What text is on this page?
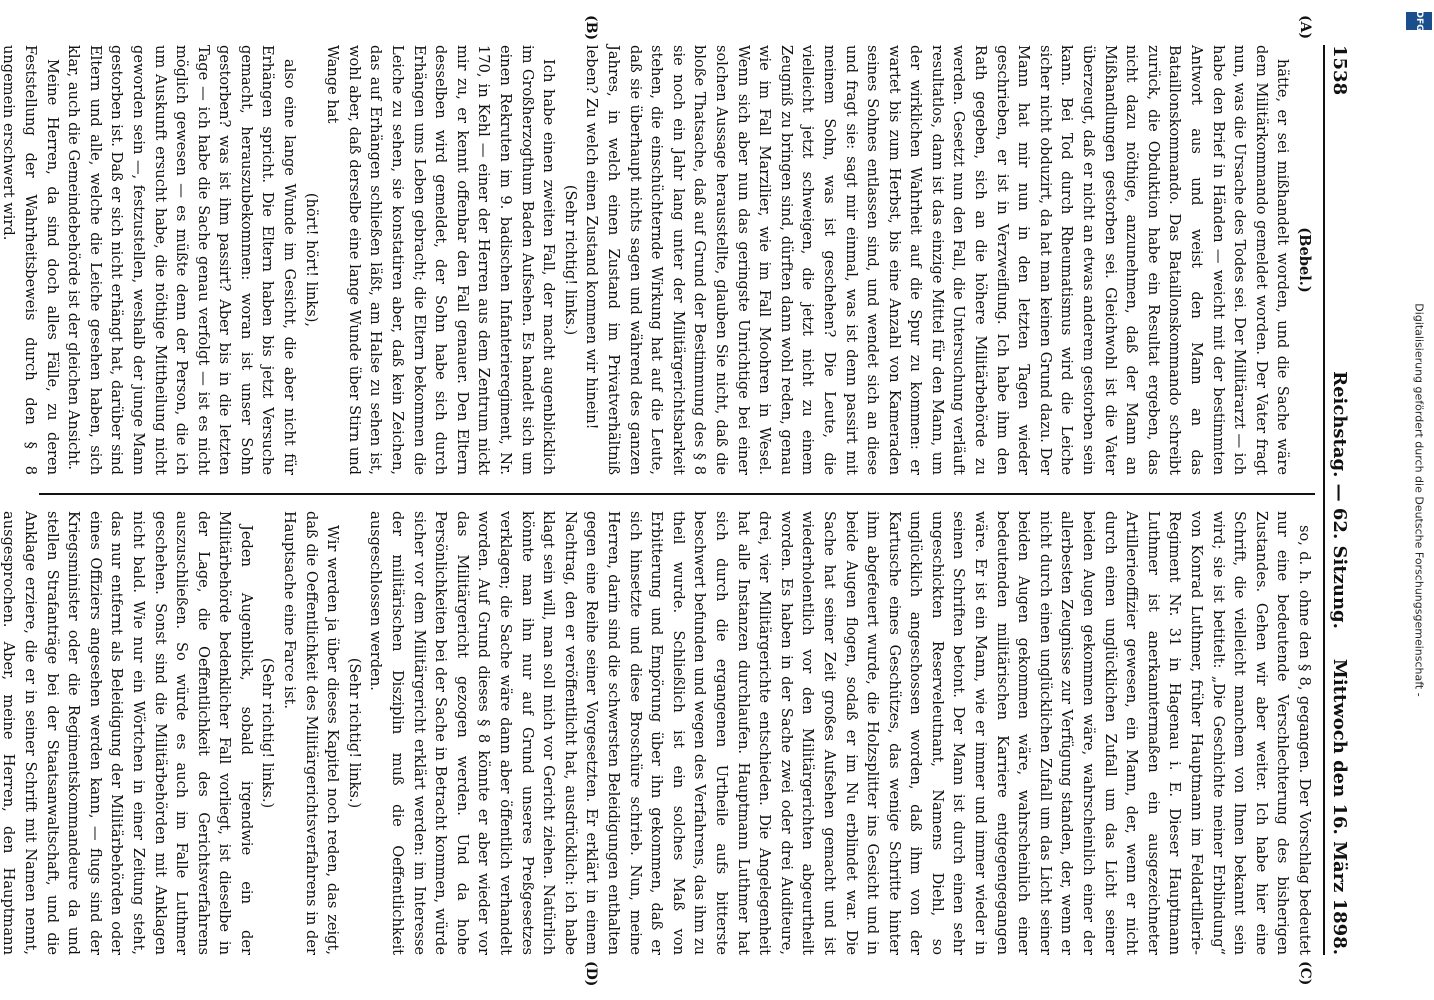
1538
Reichstag. — 62. Sitzung.
Mittwoch den 16. März 1898.
(A)
(B)
(C)
(D)

(Bebel.)

hätte, er sei mißhandelt worden, und die Sache wäre dem Militärkommando gemeldet worden. Der Vater fragt nun, was die Ursache des Todes sei. Der Militärarzt — ich habe den Brief in Händen — weicht mit der bestimmten Antwort aus und weist den Mann an das Bataillonskommando. Das Bataillonskommando schreibt zurück, die Obduktion habe ein Resultat ergeben, das nicht dazu nöthige, anzunehmen, daß der Mann an Mißhandlungen gestorben sei. Gleichwohl ist die Vater überzeugt, daß er nicht an etwas anderem gestorben sein kann. Bei Tod durch Rheumatismus wird die Leiche sicher nicht obduzirt, da hat man keinen Grund dazu. Der Mann hat mir nun in den letzten Tagen wieder geschrieben, er ist in Verzweiflung. Ich habe ihm den Rath gegeben, sich an die höhere Militärbehörde zu werden. Gesetzt nun den Fall, die Untersuchung verläuft resultatlos, dann ist das einzige Mittel für den Mann, um der wirklichen Wahrheit auf die Spur zu kommen: er wartet bis zum Herbst, bis eine Anzahl von Kameraden seines Sohnes entlassen sind, und wendet sich an diese und fragt sie: sagt mir einmal, was ist denn passirt mit meinem Sohn, was ist geschehen? Die Leute, die vielleicht jetzt schweigen, die jetzt nicht zu einem Zeugniß zu bringen sind, dürften dann wohl reden, genau wie im Fall Marzilier, wie im Fall Moohren in Wesel. Wenn sich aber nun das geringste Unrichtige bei einer solchen Aussage herausstellte, glauben Sie nicht, daß die bloße Thatsache, daß auf Grund der Bestimmung des § 8 sie noch ein Jahr lang unter der Militärgerichtsbarkeit stehen, die einschüchternde Wirkung hat auf die Leute, daß sie überhaupt nichts sagen und während des ganzen Jahres, in welch einen Zustand im Privatverhältniß leben? Zu welch einen Zustand kommen wir hinein!

(Sehr richtig! links.)

Ich habe einen zweiten Fall, der macht augenblicklich im Großherzogthum Baden Aufsehen. Es handelt sich um einen Rekruten im 9. badischen Infanterieregiment, Nr. 170, in Kehl — einer der Herren aus dem Zentrum nickt mir zu, er kennt offenbar den Fall genauer. Den Eltern desselben wird gemeldet, der Sohn habe sich durch Erhängen ums Leben gebracht; die Eltern bekommen die Leiche zu sehen, sie konstatiren aber, daß kein Zeichen, das auf Erhängen schließen läßt, am Halse zu sehen ist, wohl aber, daß derselbe eine lange Wunde über Stirn und Wange hat

(hört! hört! links),

also eine lange Wunde im Gesicht, die aber nicht für Erhängen spricht. Die Eltern haben bis jetzt Versuche gemacht, herauszubekommen: woran ist unser Sohn gestorben? was ist ihm passirt? Aber bis in die letzten Tage — ich habe die Sache genau verfolgt — ist es nicht möglich gewesen — es müßte denn der Person, die ich um Auskunft ersucht habe, die nöthige Mittheilung nicht geworden sein —, festzustellen, weshalb der junge Mann gestorben ist. Daß er sich nicht erhängt hat, darüber sind Eltern und alle, welche die Leiche gesehen haben, sich klar, auch die Gemeindebehörde ist der gleichen Ansicht.

Meine Herren, da sind doch alles Fälle, zu deren Feststellung der Wahrheitsbeweis durch den § 8 ungemein erschwert wird.

so, d. h. ohne den § 8, gegangen. Der Vorschlag bedeutet nur eine bedeutende Verschlechterung des bisherigen Zustandes. Gehen wir aber weiter. Ich habe hier eine Schrift, die vielleicht manchem von Ihnen bekannt sein wird; sie ist betitelt: „Die Geschichte meiner Erblindung“ von Konrad Luthmer, früher Hauptmann im Feldartillerie-Regiment Nr. 31 in Hagenau i. E. Dieser Hauptmann Luthmer ist anerkanntermaßen ein ausgezeichneter Artillerieoffizier gewesen, ein Mann, der, wenn er nicht durch einen unglücklichen Zufall um das Licht seiner beiden Augen gekommen wäre, wahrscheinlich einer der allerbesten Zeugnisse zur Verfügung standen, der, wenn er nicht durch einen unglücklichen Zufall um das Licht seiner beiden Augen gekommen wäre, wahrscheinlich einer bedeutenden militärischen Karriere entgegengegangen wäre. Er ist ein Mann, wie er immer und immer wieder in seinen Schriften betont. Der Mann ist durch einen sehr ungeschickten Reserveleutnant, Namens Diehl, so unglücklich angeschossen worden, daß ihm von der Kartusche eines Geschützes, das wenige Schritte hinter ihm abgefeuert wurde, die Holzsplitter ins Gesicht und in beide Augen flogen, sodaß er im Nu erblindet war. Die Sache hat seiner Zeit großes Aufsehen gemacht und ist wiederholentlich vor den Militärgerichten abgeurtheilt worden. Es haben in der Sache zwei oder drei Auditeure, drei, vier Militärgerichte entschieden. Die Angelegenheit hat alle Instanzen durchlaufen. Hauptmann Luthmer hat sich durch die ergangenen Urtheile aufs bitterste beschwert befunden und wegen des Verfahrens, das ihm zu theil wurde. Schließlich ist ein solches Maß von Erbitterung und Empörung über ihn gekommen, daß er sich hinsetzte und diese Broschüre schrieb. Nun, meine Herren, darin sind die schwersten Beleidigungen enthalten gegen eine Reihe seiner Vorgesetzten. Er erklärt in einem Nachtrag, den er veröffentlicht hat, ausdrücklich: ich habe klagt sein will, man soll mich vor Gericht ziehen. Natürlich könnte man ihn nur auf Grund unseres Preßgesetzes verklagen; die Sache wäre dann aber öffentlich verhandelt worden. Auf Grund dieses § 8 könnte er aber wieder vor das Militärgericht gezogen werden. Und da hohe Persönlichkeiten bei der Sache in Betracht kommen, würde sicher vor dem Militärgericht erklärt werden: im Interesse der militärischen Disziplin muß die Oeffentlichkeit ausgeschlossen werden.

(Sehr richtig! links.)

Wir werden ja über dieses Kapitel noch reden, das zeigt, daß die Oeffentlichkeit des Militärgerichtsverfahrens in der Hauptsache eine Farce ist.

(Sehr richtig! links.)

Jeden Augenblick, sobald irgendwie ein der Militärbehörde bedenklicher Fall vorliegt, ist dieselbe in der Lage, die Oeffentlichkeit des Gerichtsverfahrens auszuschließen. So würde es auch im Falle Luthmer geschehen. Sonst sind die Militärbehörden mit Anklagen nicht bald. Wie nur ein Wörtchen in einer Zeitung steht, das nur entfernt als Beleidigung der Militärbehörden oder eines Offiziers angesehen werden kann, — flugs sind der Kriegsminister oder die Regimentskommandeure da und stellen Strafanträge bei der Staatsanwaltschaft, und die Anklage erziere, die er in seiner Schrift mit Namen nennt, ausgesprochen. Aber, meine Herren, den Hauptmann

DFG
Digitalisierung gefördert durch die Deutsche Forschungsgemeinschaft -
